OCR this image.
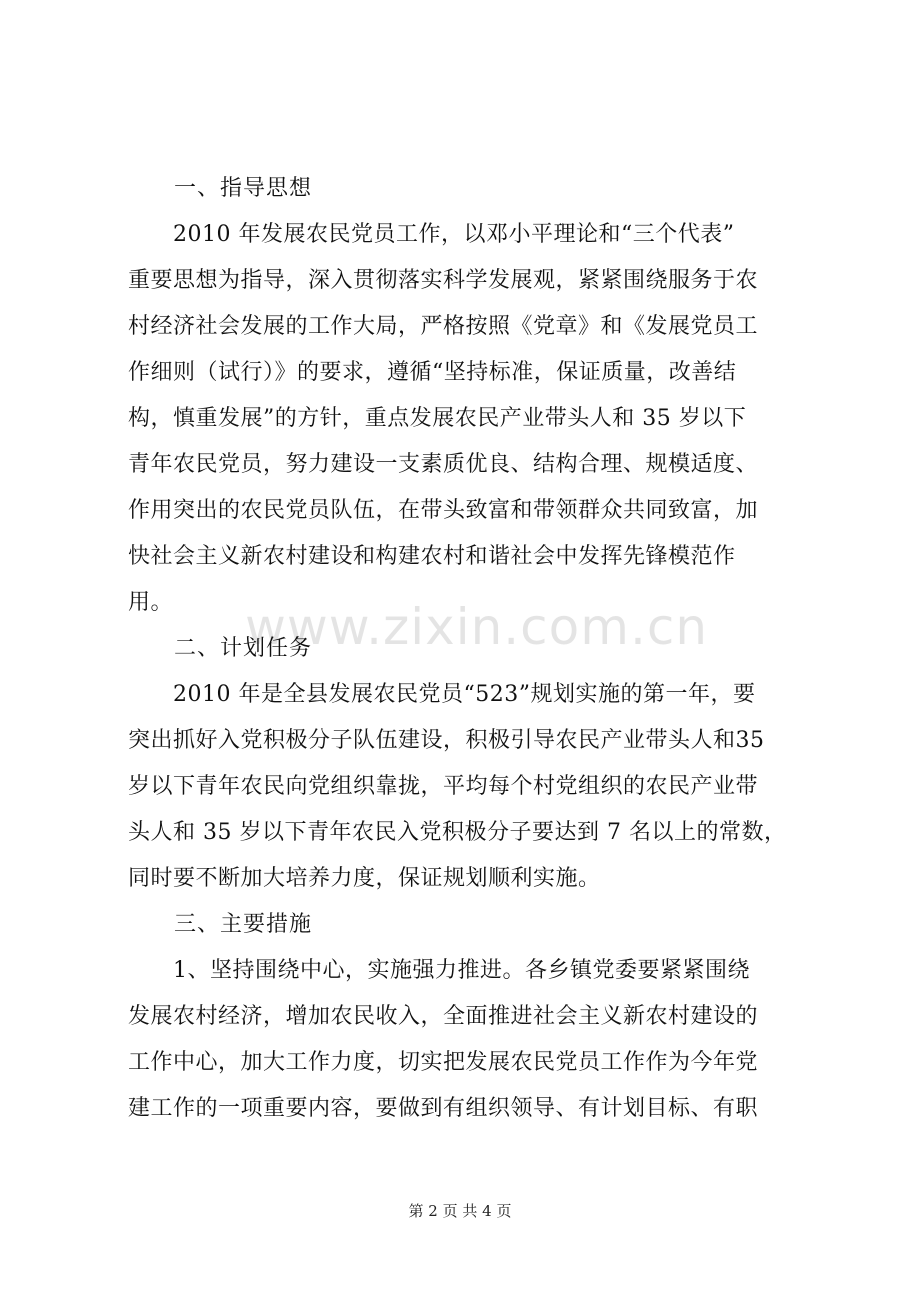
　　一、指导思想
　　2010 年发展农民党员工作，以邓小平理论和“三个代表”
重要思想为指导，深入贯彻落实科学发展观，紧紧围绕服务于农
村经济社会发展的工作大局，严格按照《党章》和《发展党员工
作细则（试行）》的要求，遵循“坚持标准，保证质量，改善结
构，慎重发展”的方针，重点发展农民产业带头人和 35 岁以下
青年农民党员，努力建设一支素质优良、结构合理、规模适度、
作用突出的农民党员队伍，在带头致富和带领群众共同致富，加
快社会主义新农村建设和构建农村和谐社会中发挥先锋模范作
用。
　　二、计划任务
　　2010 年是全县发展农民党员“523”规划实施的第一年，要
突出抓好入党积极分子队伍建设，积极引导农民产业带头人和35
岁以下青年农民向党组织靠拢，平均每个村党组织的农民产业带
头人和 35 岁以下青年农民入党积极分子要达到 7 名以上的常数，
同时要不断加大培养力度，保证规划顺利实施。
　　三、主要措施
　　1、坚持围绕中心，实施强力推进。各乡镇党委要紧紧围绕
发展农村经济，增加农民收入，全面推进社会主义新农村建设的
工作中心，加大工作力度，切实把发展农民党员工作作为今年党
建工作的一项重要内容，要做到有组织领导、有计划目标、有职
www.zixin.com.cn
第 2 页 共 4 页
